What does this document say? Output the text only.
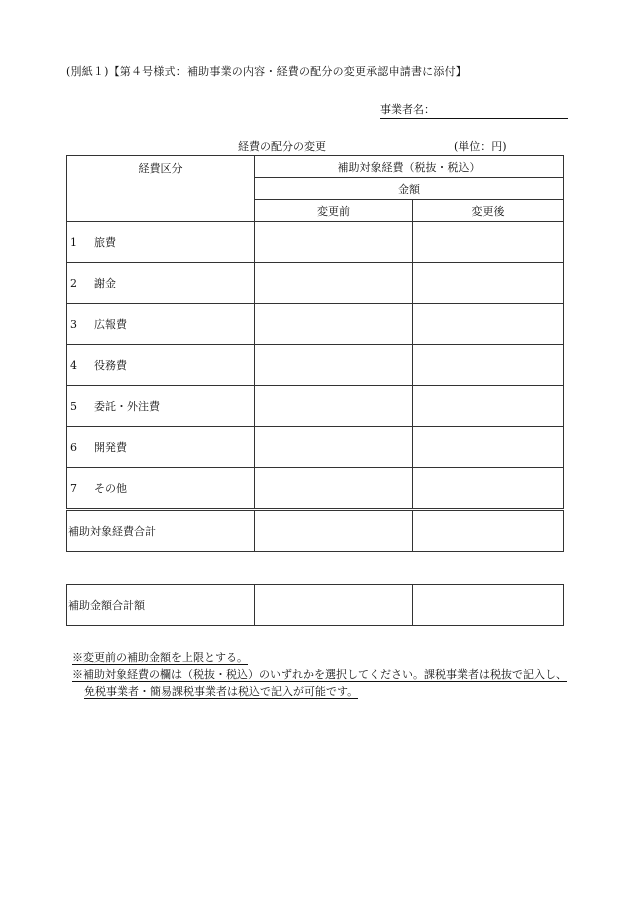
(別紙１)【第４号様式：補助事業の内容・経費の配分の変更承認申請書に添付】
事業者名：
経費の配分の変更	(単位：円)
経費区分	補助対象経費（税抜・税込）	
	金額	
	変更前	変更後
1 旅費		
2 謝金		
3 広報費		
4 役務費		
5 委託・外注費		
6 開発費		
7 その他		
補助対象経費合計		
補助金額合計額		
※変更前の補助金額を上限とする。
※補助対象経費の欄は（税抜・税込）のいずれかを選択してください。課税事業者は税抜で記入し、
免税事業者・簡易課税事業者は税込で記入が可能です。
